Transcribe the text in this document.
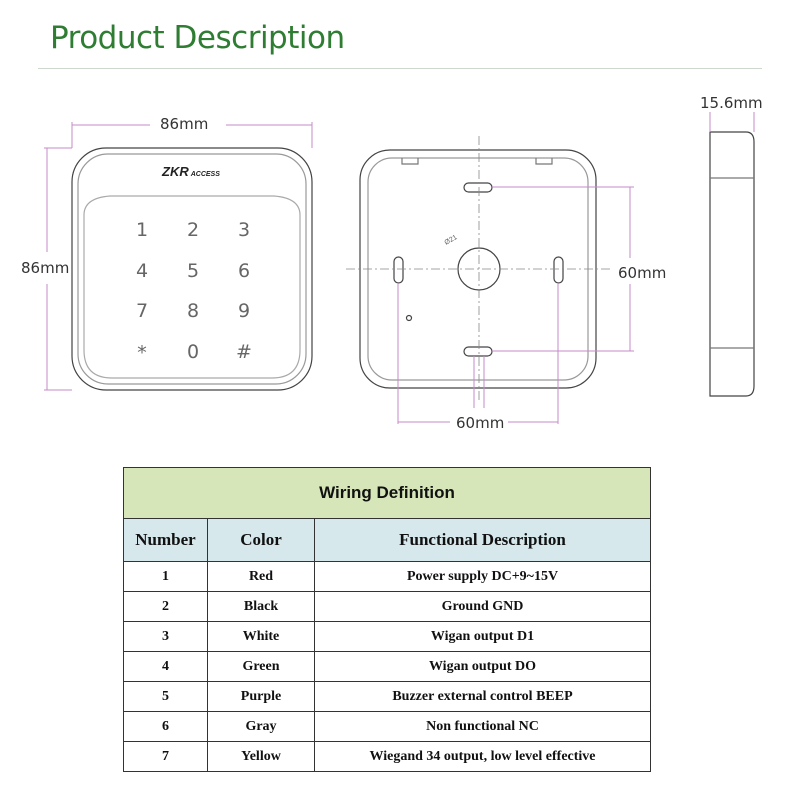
Product Description
ZKR ACCESS
1 2 3
4 5 6
7 8 9
* 0 #
Ø21
86mm
86mm	60mm
60mm
15.6mm
Wiring Definition		
Number	Color	Functional Description
1	Red	Power supply DC+9~15V
2	Black	Ground GND
3	White	Wigan output D1
4	Green	Wigan output DO
5	Purple	Buzzer external control BEEP
6	Gray	Non functional NC
7	Yellow	Wiegand 34 output, low level effective
